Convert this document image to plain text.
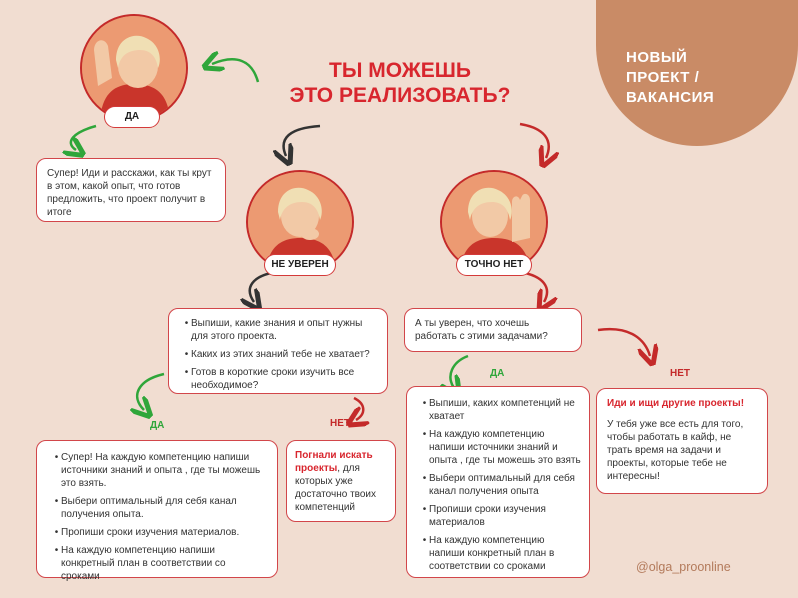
НОВЫЙ
ПРОЕКТ /
ВАКАНСИЯ
ТЫ МОЖЕШЬ
ЭТО РЕАЛИЗОВАТЬ?
ДА
НЕ УВЕРЕН	ТОЧНО НЕТ
Супер! Иди и расскажи, как ты крут в этом, какой опыт, что готов предложить, что проект получит в итоге
• Выпиши, какие знания и опыт нужны для этого проекта.
• Каких из этих знаний тебе не хватает?
• Готов в короткие сроки изучить все необходимое?
А ты уверен, что хочешь работать с этими задачами?
ДА	НЕТ
ДА	НЕТ
• Супер! На каждую компетенцию напиши источники знаний и опыта , где ты можешь это взять.
• Выбери оптимальный для себя канал получения опыта.
• Пропиши сроки изучения материалов.
• На каждую компетенцию напиши конкретный план в соответствии со сроками
Погнали искать проекты, для которых уже достаточно твоих компетенций
• Выпиши, каких компетенций не хватает
• На каждую компетенцию напиши источники знаний и опыта , где ты можешь это взять
• Выбери оптимальный для себя канал получения опыта
• Пропиши сроки изучения материалов
• На каждую компетенцию напиши конкретный план в соответствии со сроками
Иди и ищи другие проекты!
У тебя уже все есть для того, чтобы работать в кайф, не трать время на задачи и проекты, которые тебе не интересны!
@olga_proonline
